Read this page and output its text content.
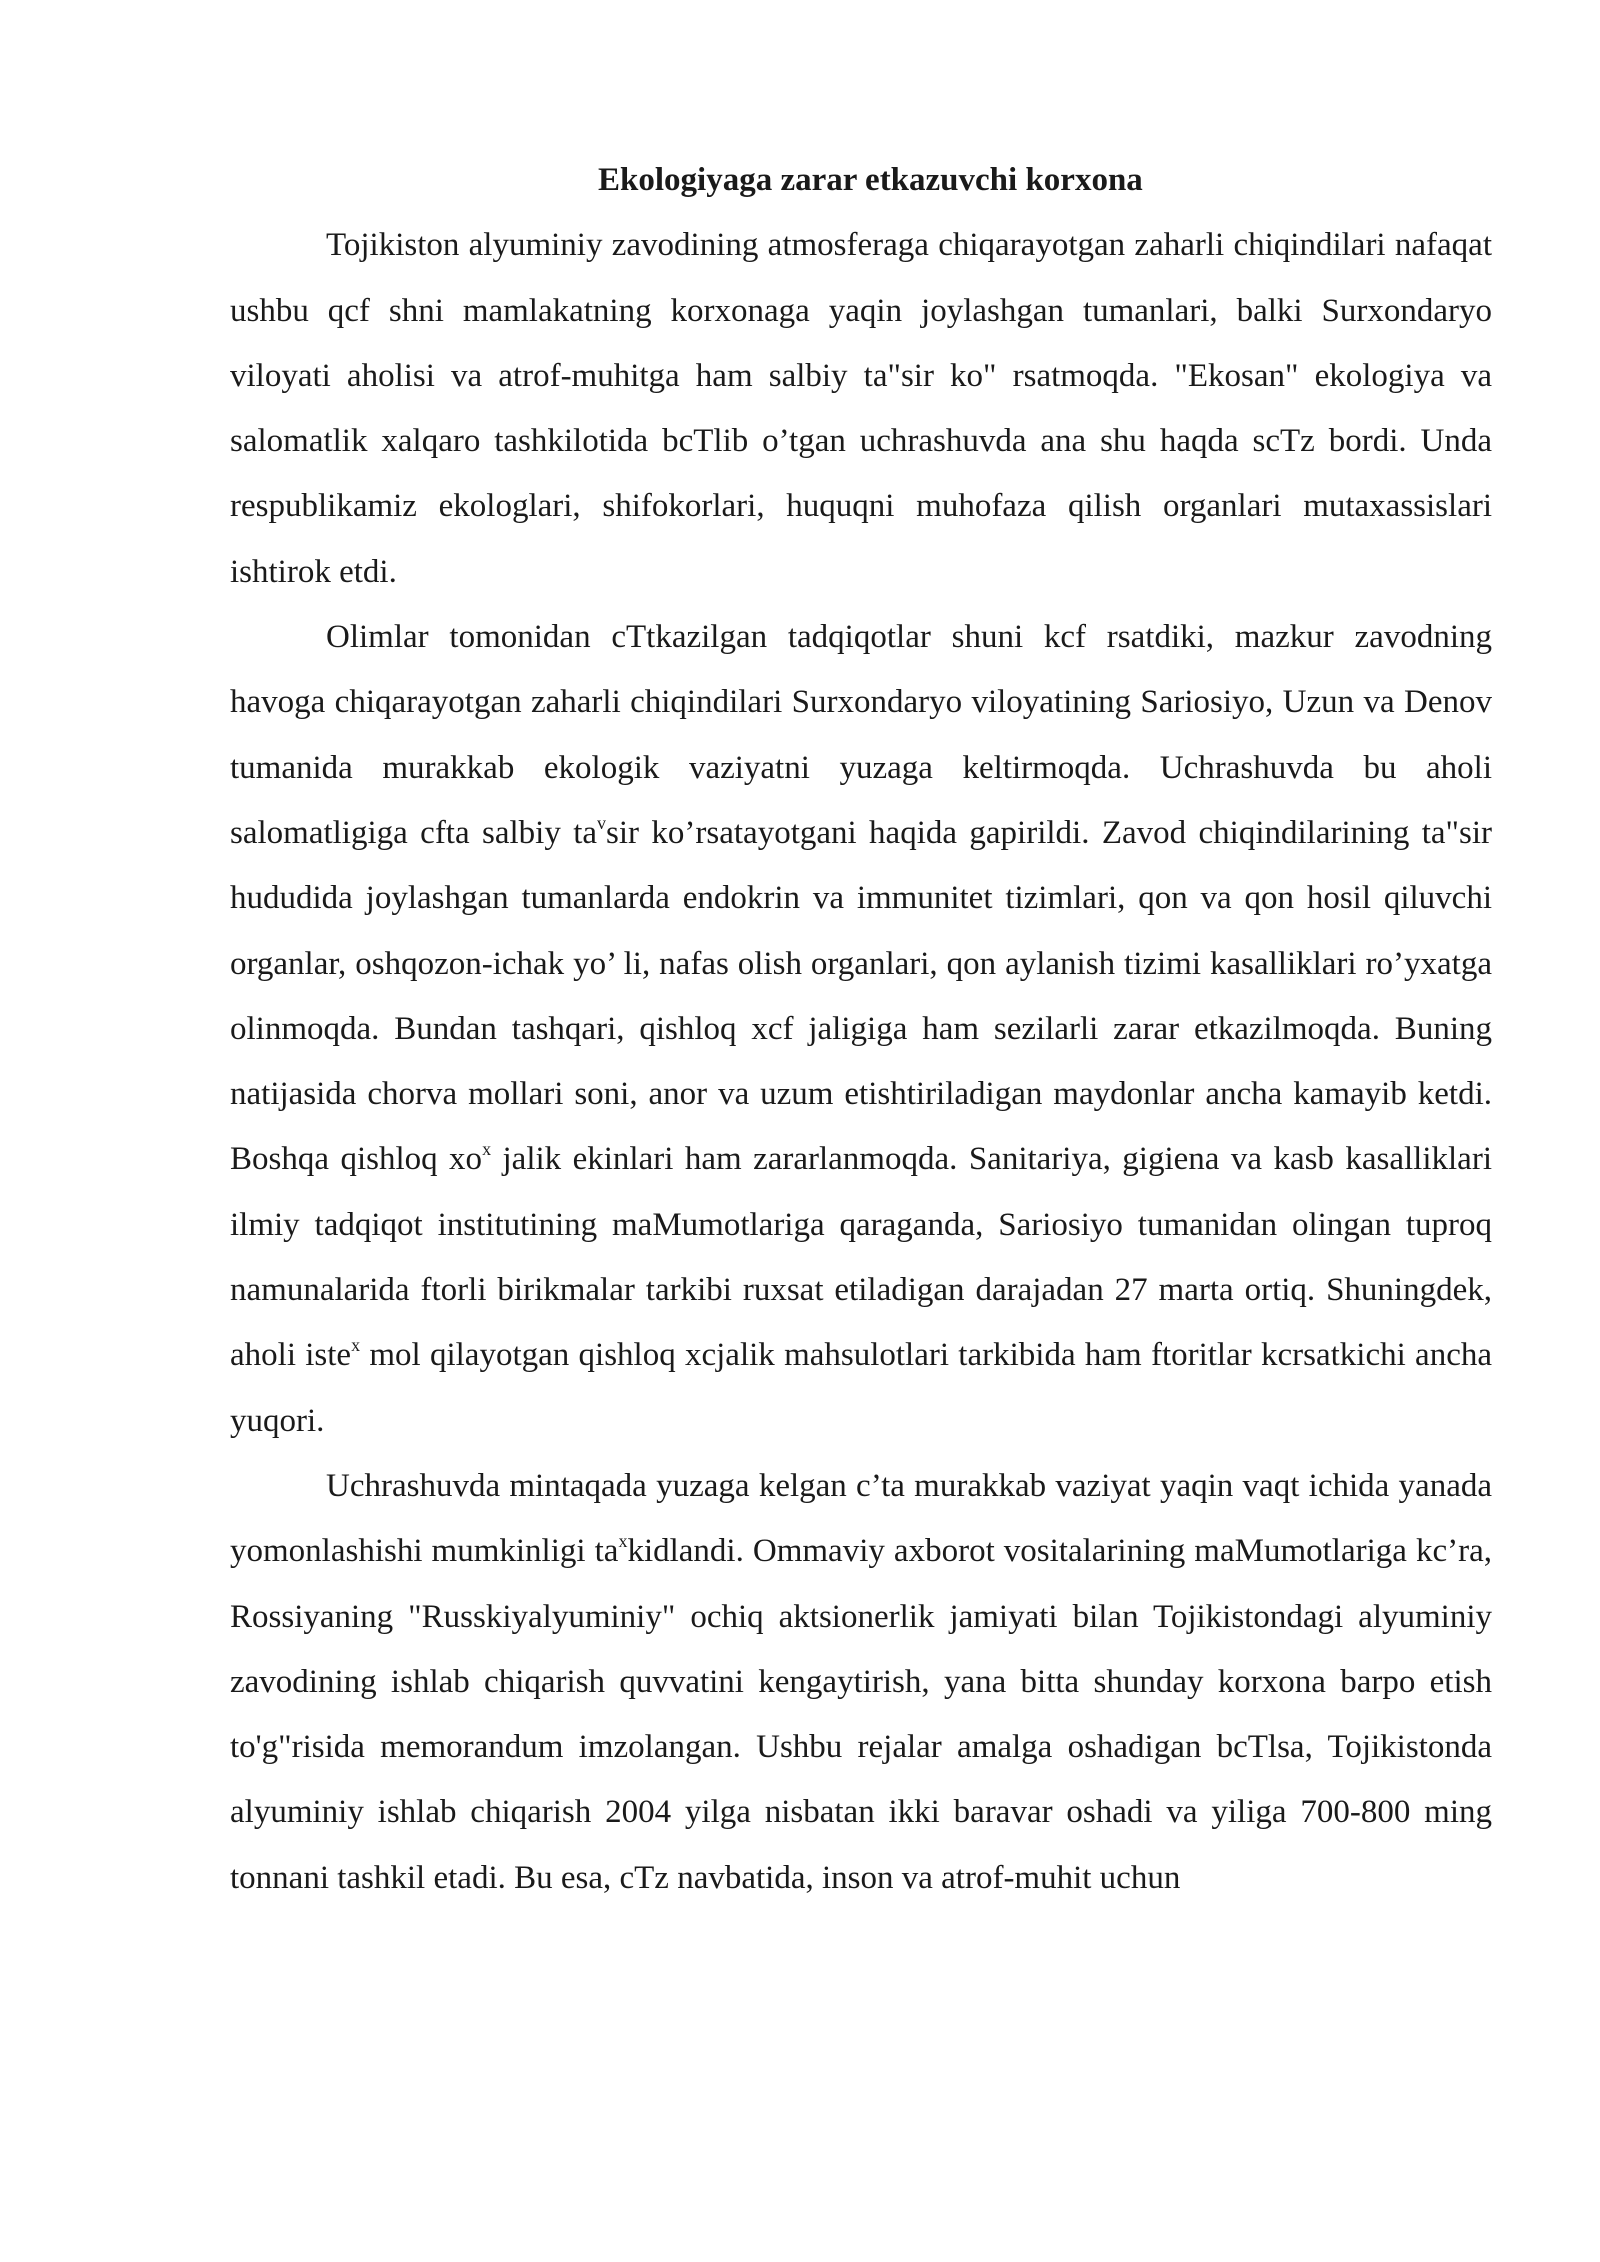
Ekologiyaga zarar etkazuvchi korxona

Tojikiston alyuminiy zavodining atmosferaga chiqarayotgan zaharli chiqindilari nafaqat ushbu qcf shni mamlakatning korxonaga yaqin joylashgan tumanlari, balki Surxondaryo viloyati aholisi va atrof-muhitga ham salbiy ta"sir ko" rsatmoqda. "Ekosan" ekologiya va salomatlik xalqaro tashkilotida bcTlib o’tgan uchrashuvda ana shu haqda scTz bordi. Unda respublikamiz ekologlari, shifokorlari, huquqni muhofaza qilish organlari mutaxassislari ishtirok etdi.

Olimlar tomonidan cTtkazilgan tadqiqotlar shuni kcf rsatdiki, mazkur zavodning havoga chiqarayotgan zaharli chiqindilari Surxondaryo viloyatining Sariosiyo, Uzun va Denov tumanida murakkab ekologik vaziyatni yuzaga keltirmoqda. Uchrashuvda bu aholi salomatligiga cfta salbiy $ta^vsir$ ko’rsatayotgani haqida gapirildi. Zavod chiqindilarining ta"sir hududida joylashgan tumanlarda endokrin va immunitet tizimlari, qon va qon hosil qiluvchi organlar, oshqozon-ichak yo’ li, nafas olish organlari, qon aylanish tizimi kasalliklari ro’yxatga olinmoqda. Bundan tashqari, qishloq xcf jaligiga ham sezilarli zarar etkazilmoqda. Buning natijasida chorva mollari soni, anor va uzum etishtiriladigan maydonlar ancha kamayib ketdi. Boshqa qishloq $xo^x$ jalik ekinlari ham zararlanmoqda. Sanitariya, gigiena va kasb kasalliklari ilmiy tadqiqot institutining maMumotlariga qaraganda, Sariosiyo tumanidan olingan tuproq namunalarida ftorli birikmalar tarkibi ruxsat etiladigan darajadan 27 marta ortiq. Shuningdek, aholi iste$^x$ mol qilayotgan qishloq xcjalik mahsulotlari tarkibida ham ftoritlar kcrsatkichi ancha yuqori.

Uchrashuvda mintaqada yuzaga kelgan c’ta murakkab vaziyat yaqin vaqt ichida yanada yomonlashishi mumkinligi $ta^xkidlandi$. Ommaviy axborot vositalarining maMumotlariga kc’ra, Rossiyaning "Russkiyalyuminiy" ochiq aktsionerlik jamiyati bilan Tojikistondagi alyuminiy zavodining ishlab chiqarish quvvatini kengaytirish, yana bitta shunday korxona barpo etish to'g"risida memorandum imzolangan. Ushbu rejalar amalga oshadigan bcTlsa, Tojikistonda alyuminiy ishlab chiqarish 2004 yilga nisbatan ikki baravar oshadi va yiliga 700-800 ming tonnani tashkil etadi. Bu esa, cTz navbatida, inson va atrof-muhit uchun
